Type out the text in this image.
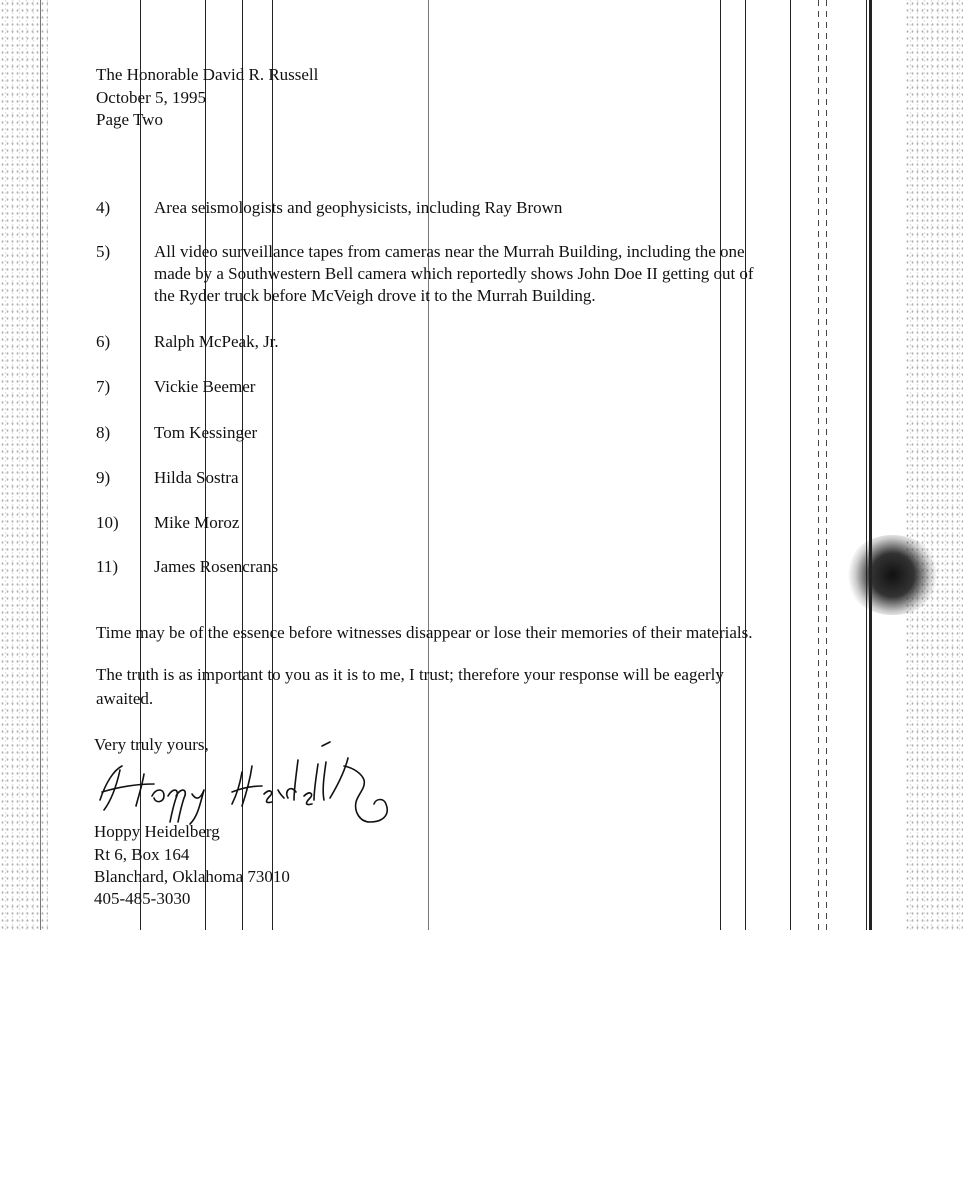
The Honorable David R. Russell
October 5, 1995
Page Two
4)	Area seismologists and geophysicists, including Ray Brown
5)	All video surveillance tapes from cameras near the Murrah Building, including the one
made by a Southwestern Bell camera which reportedly shows John Doe II getting out of
the Ryder truck before McVeigh drove it to the Murrah Building.
6)	Ralph McPeak, Jr.
7)	Vickie Beemer
8)	Tom Kessinger
9)	Hilda Sostra
10) Mike Moroz
11) James Rosencrans
Time may be of the essence before witnesses disappear or lose their memories of their materials.
The truth is as important to you as it is to me, I trust; therefore your response will be eagerly
awaited.
Very truly yours,
Hoppy Heidelberg
Rt 6, Box 164
Blanchard, Oklahoma 73010
405-485-3030
